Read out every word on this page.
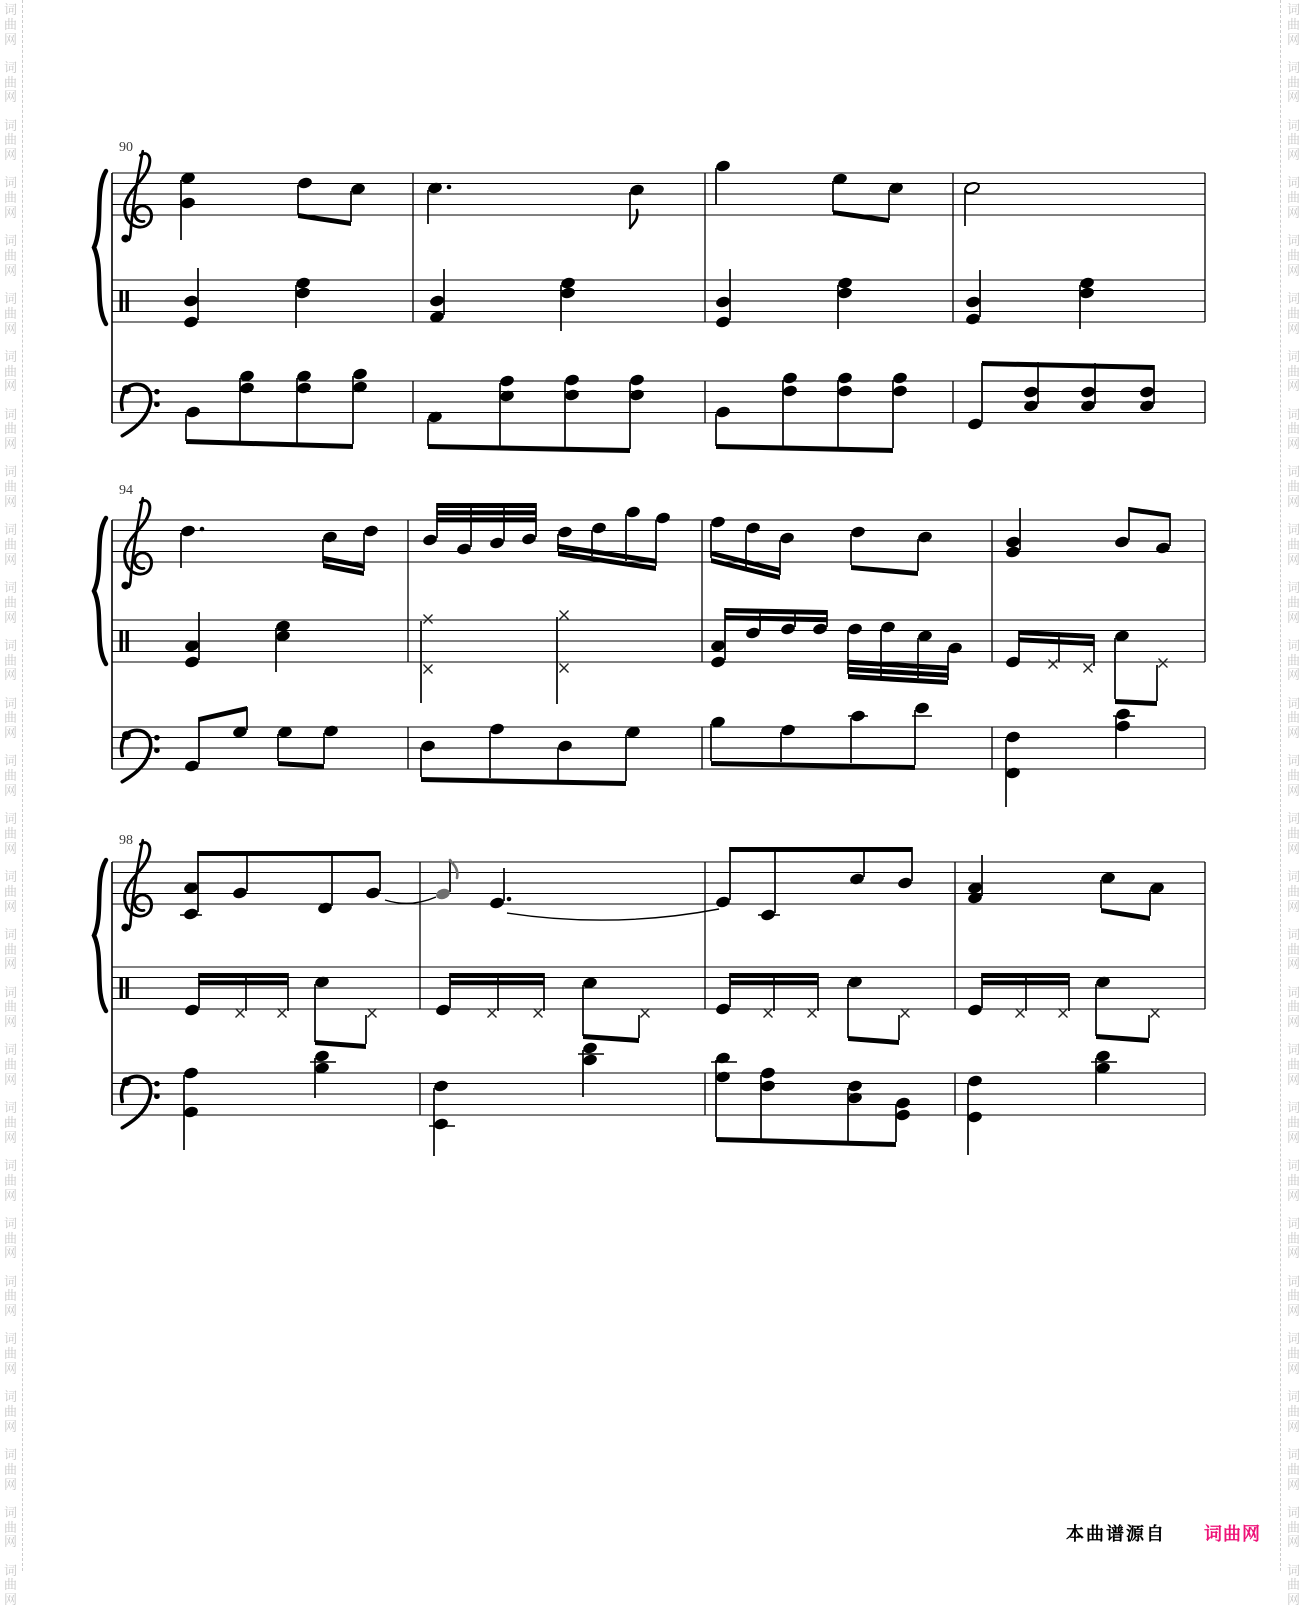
词
曲
网
词
曲
网
词
曲
网
词
曲
网
词
曲
网
词
曲
网
词
曲
网
词
曲
网
词
曲
网
词
曲
网
词
曲
网
词
曲
网
词
曲
网
词
曲
网
词
曲
网
词
曲
网
词
曲
网
词
曲
网
词
曲
网
词
曲
网
词
曲
网
词
曲
网
词
曲
网
词
曲
网
词
曲
网
词
曲
网
词
曲
网
词
曲
网
词
曲
网
词
曲
网
词
曲
网
词
曲
网
词
曲
网
词
曲
网
词
曲
网
词
曲
网
词
曲
网
词
曲
网
词
曲
网
词
曲
网
词
曲
网
词
曲
网
词
曲
网
词
曲
网
词
曲
网
词
曲
网
词
曲
网
词
曲
网
词
曲
网
词
曲
网
词
曲
网
词
曲
网
词
曲
网
词
曲
网
词
曲
网
词
曲
网
90
94
98
本曲谱源自 词曲网
